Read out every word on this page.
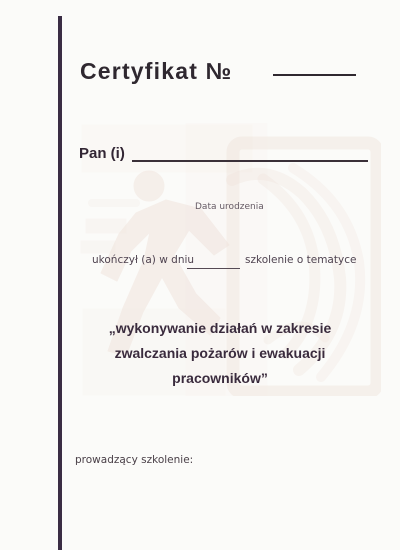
Certyfikat №
Pan (i)
Data urodzenia
ukończył (a) w dniu	szkolenie o tematyce
„wykonywanie działań w zakresie
zwalczania pożarów i ewakuacji
pracowników”
prowadzący szkolenie:
